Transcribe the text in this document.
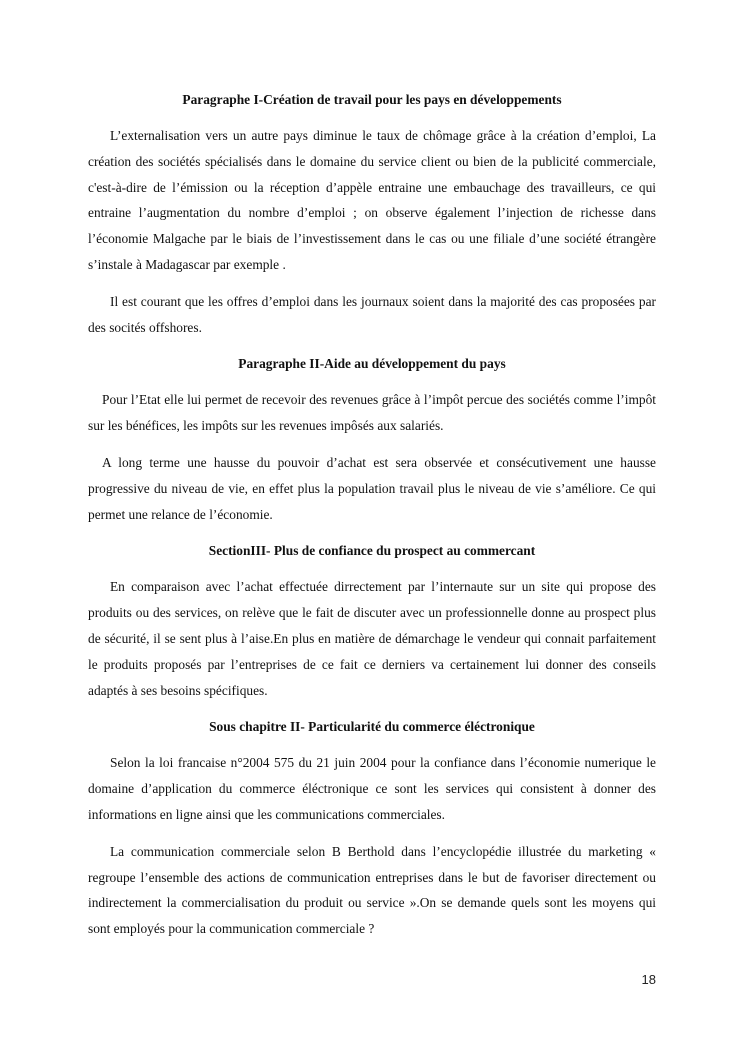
Paragraphe I-Création de travail pour les pays en développements

L’externalisation vers un autre pays diminue le taux de chômage grâce à la création d’emploi, La création des sociétés spécialisés dans le domaine du service client ou bien de la publicité commerciale, c'est-à-dire de l’émission ou la réception d’appèle entraine une embauchage des travailleurs, ce qui entraine l’augmentation du nombre d’emploi ; on observe également l’injection de richesse dans l’économie Malgache par le biais de l’investissement dans le cas ou une filiale d’une société étrangère s’instale à Madagascar par exemple .

Il est courant que les offres d’emploi dans les journaux soient dans la majorité des cas proposées par des socités offshores.

Paragraphe II-Aide au développement du pays

Pour l’Etat elle lui permet de recevoir des revenues grâce à l’impôt percue des sociétés comme l’impôt sur les bénéfices, les impôts sur les revenues impôsés aux salariés.

A long terme une hausse du pouvoir d’achat est sera observée et consécutivement une hausse progressive du niveau de vie, en effet plus la population travail plus le niveau de vie s’améliore. Ce qui permet une relance de l’économie.

SectionIII- Plus de confiance du prospect au commercant

En comparaison avec l’achat effectuée dirrectement par l’internaute sur un site qui propose des produits ou des services, on relève que le fait de discuter avec un professionnelle donne au prospect plus de sécurité, il se sent plus à l’aise.En plus en matière de démarchage le vendeur qui connait parfaitement le produits proposés par l’entreprises de ce fait ce derniers va certainement lui donner des conseils adaptés à ses besoins spécifiques.

Sous chapitre II- Particularité du commerce éléctronique

Selon la loi francaise n°2004 575 du 21 juin 2004 pour la confiance dans l’économie numerique le domaine d’application du commerce éléctronique ce sont les services qui consistent à donner des informations en ligne ainsi que les communications commerciales.

La communication commerciale selon B Berthold dans l’encyclopédie illustrée du marketing « regroupe l’ensemble des actions de communication entreprises dans le but de favoriser directement ou indirectement la commercialisation du produit ou service ».On se demande quels sont les moyens qui sont employés pour la communication commerciale ?

18
